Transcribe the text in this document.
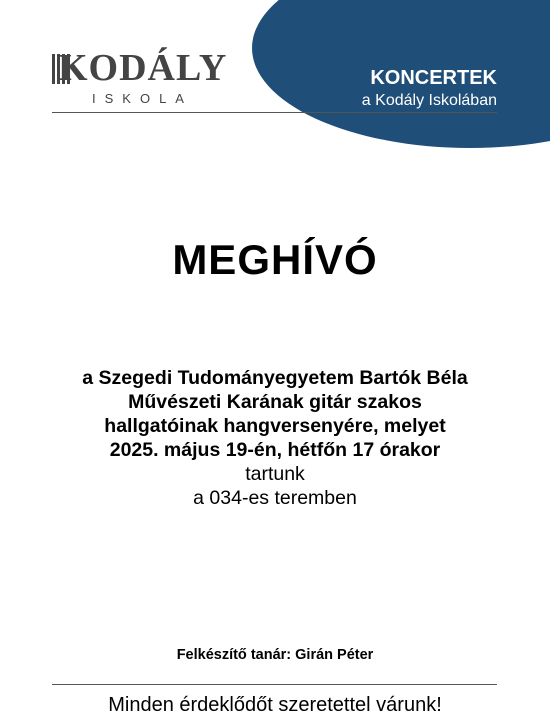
KODÁLY
ISKOLA
KONCERTEK
a Kodály Iskolában
MEGHÍVÓ
a Szegedi Tudományegyetem Bartók Béla
Művészeti Karának gitár szakos
hallgatóinak hangversenyére, melyet
2025. május 19-én, hétfőn 17 órakor
tartunk
a 034-es teremben
Felkészítő tanár: Girán Péter
Minden érdeklődőt szeretettel várunk!
